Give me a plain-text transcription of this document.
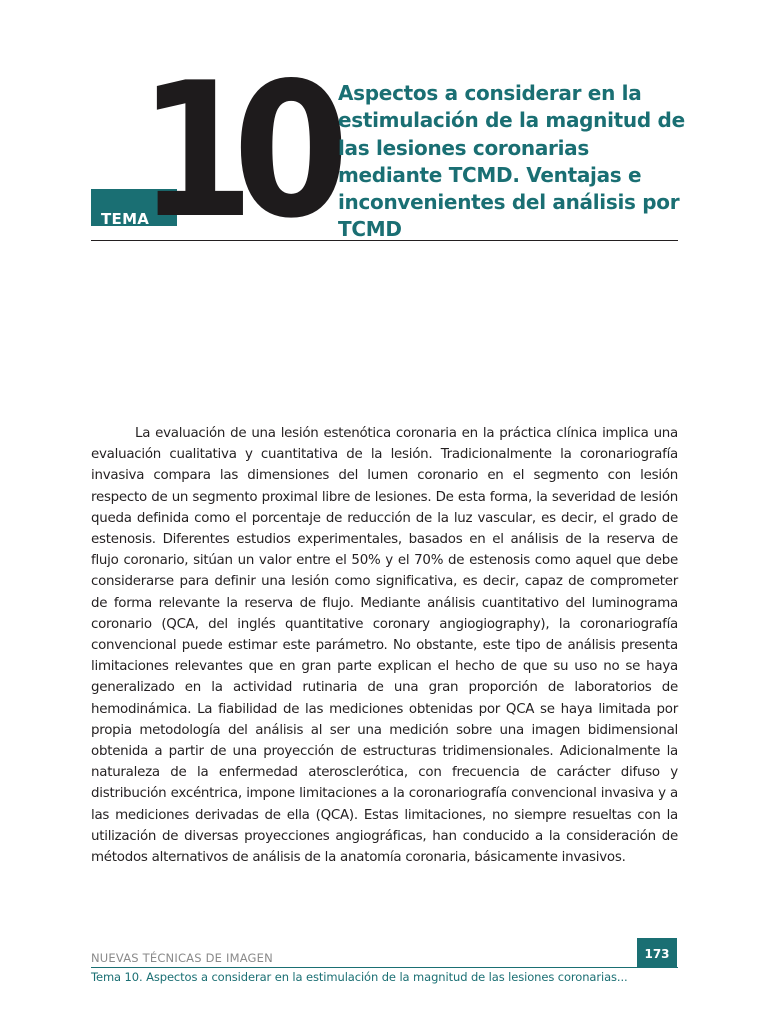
10
TEMA
Aspectos a considerar en la estimulación de la magnitud de las lesiones coronarias mediante TCMD. Ventajas e inconvenientes del análisis por TCMD

La evaluación de una lesión estenótica coronaria en la práctica clínica implica una evaluación cualitativa y cuantitativa de la lesión. Tradicionalmente la coronariografía invasiva compara las dimensiones del lumen coronario en el segmento con lesión respecto de un segmento proximal libre de lesiones. De esta forma, la severidad de lesión queda definida como el porcentaje de reducción de la luz vascular, es decir, el grado de estenosis. Diferentes estudios experimentales, basados en el análisis de la reserva de flujo coronario, sitúan un valor entre el 50% y el 70% de estenosis como aquel que debe considerarse para definir una lesión como significativa, es decir, capaz de comprometer de forma relevante la reserva de flujo. Mediante análisis cuantitativo del luminograma coronario (QCA, del inglés quantitative coronary angiogiography), la coronariografía convencional puede estimar este parámetro. No obstante, este tipo de análisis presenta limitaciones relevantes que en gran parte explican el hecho de que su uso no se haya generalizado en la actividad rutinaria de una gran proporción de laboratorios de hemodinámica. La fiabilidad de las mediciones obtenidas por QCA se haya limitada por propia metodología del análisis al ser una medición sobre una imagen bidimensional obtenida a partir de una proyección de estructuras tridimensionales. Adicionalmente la naturaleza de la enfermedad aterosclerótica, con frecuencia de carácter difuso y distribución excéntrica, impone limitaciones a la coronariografía convencional invasiva y a las mediciones derivadas de ella (QCA). Estas limitaciones, no siempre resueltas con la utilización de diversas proyecciones angiográficas, han conducido a la consideración de métodos alternativos de análisis de la anatomía coronaria, básicamente invasivos.

173
NUEVAS TÉCNICAS DE IMAGEN
Tema 10. Aspectos a considerar en la estimulación de la magnitud de las lesiones coronarias...
